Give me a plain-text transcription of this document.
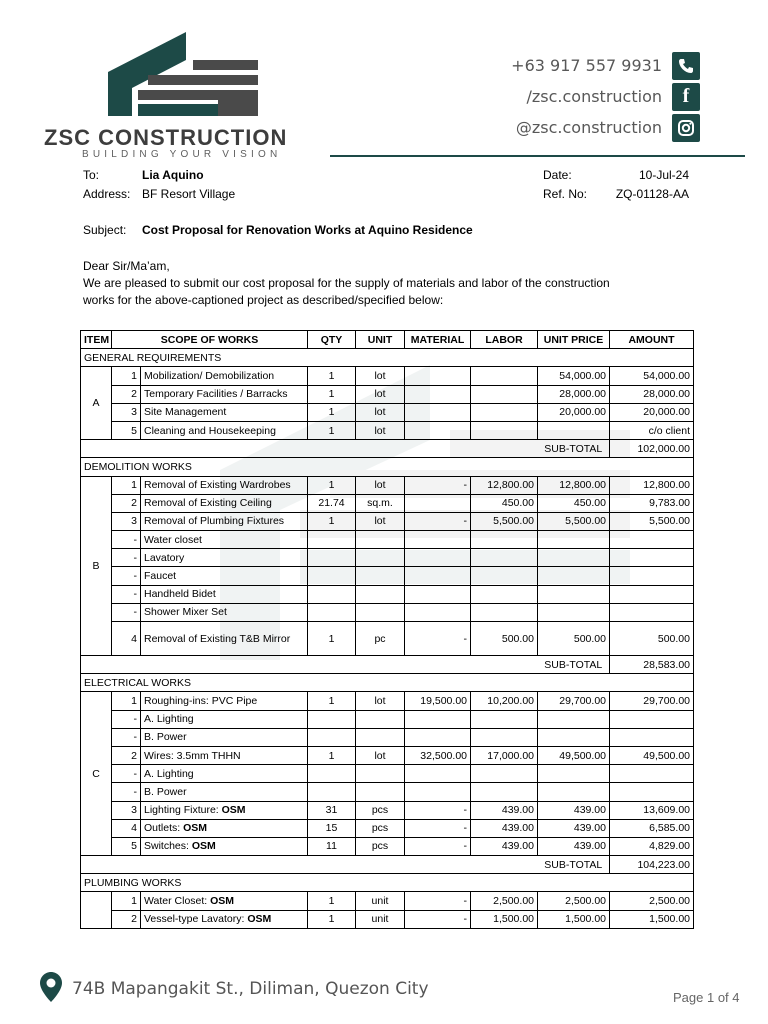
ZSC CONSTRUCTION
BUILDING YOUR VISION
+63 917 557 9931
/zsc.construction	f
@zsc.construction
To:	Lia Aquino
Address: BF Resort Village
Date:	10-Jul-24
Ref. No:	ZQ-01128-AA
Subject: Cost Proposal for Renovation Works at Aquino Residence
Dear Sir/Ma’am,
We are pleased to submit our cost proposal for the supply of materials and labor of the construction
works for the above-captioned project as described/specified below:
ITEM	SCOPE OF WORKS		QTY	UNIT	MATERIAL	LABOR	UNIT PRICE	AMOUNT
GENERAL REQUIREMENTS								
A	1	Mobilization/ Demobilization	1	lot			54,000.00	54,000.00
	2	Temporary Facilities / Barracks	1	lot			28,000.00	28,000.00
	3	Site Management	1	lot			20,000.00	20,000.00
	5	Cleaning and Housekeeping	1	lot				c/o client
							SUB-TOTAL	102,000.00
DEMOLITION WORKS								
B	1	Removal of Existing Wardrobes	1	lot	-	12,800.00	12,800.00	12,800.00
	2	Removal of Existing Ceiling	21.74	sq.m.		450.00	450.00	9,783.00
	3	Removal of Plumbing Fixtures	1	lot	-	5,500.00	5,500.00	5,500.00
	-	Water closet						
	-	Lavatory						
	-	Faucet						
	-	Handheld Bidet						
	-	Shower Mixer Set						
	4	Removal of Existing T&B Mirror	1	pc	-	500.00	500.00	500.00
							SUB-TOTAL	28,583.00
ELECTRICAL WORKS								
C	1	Roughing-ins: PVC Pipe	1	lot	19,500.00	10,200.00	29,700.00	29,700.00
	-	A. Lighting						
	-	B. Power						
	2	Wires: 3.5mm THHN	1	lot	32,500.00	17,000.00	49,500.00	49,500.00
	-	A. Lighting						
	-	B. Power						
	3	Lighting Fixture: OSM	31	pcs	-	439.00	439.00	13,609.00
	4	Outlets: OSM	15	pcs	-	439.00	439.00	6,585.00
	5	Switches: OSM	11	pcs	-	439.00	439.00	4,829.00
							SUB-TOTAL	104,223.00
PLUMBING WORKS								
	1	Water Closet: OSM	1	unit	-	2,500.00	2,500.00	2,500.00
	2	Vessel-type Lavatory: OSM	1	unit	-	1,500.00	1,500.00	1,500.00
74B Mapangakit St., Diliman, Quezon City	Page 1 of 4
